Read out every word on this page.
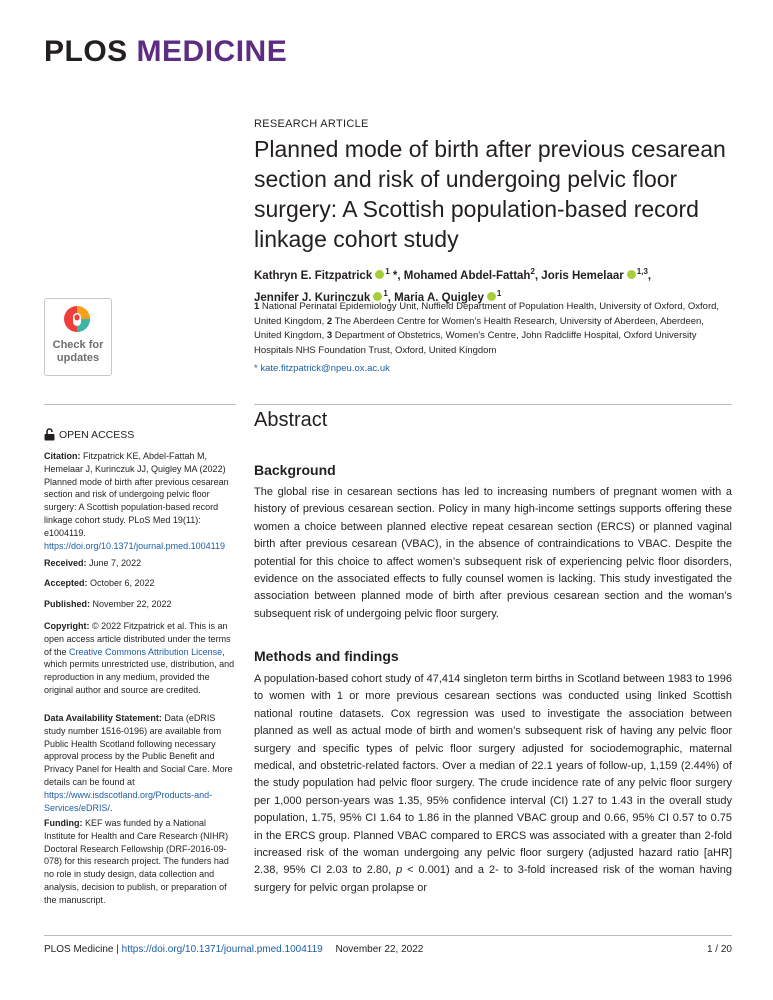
PLOS MEDICINE
RESEARCH ARTICLE
Planned mode of birth after previous cesarean section and risk of undergoing pelvic floor surgery: A Scottish population-based record linkage cohort study
Kathryn E. Fitzpatrick $^1$ *, Mohamed Abdel-Fattah$^2$, Joris Hemelaar $^{1,3}$,
Jennifer J. Kurinczuk $^1$, Maria A. Quigley $^1$
1 National Perinatal Epidemiology Unit, Nuffield Department of Population Health, University of Oxford, Oxford, United Kingdom, 2 The Aberdeen Centre for Women’s Health Research, University of Aberdeen, Aberdeen, United Kingdom, 3 Department of Obstetrics, Women’s Centre, John Radcliffe Hospital, Oxford University Hospitals NHS Foundation Trust, Oxford, United Kingdom
* kate.fitzpatrick@npeu.ox.ac.uk
Check for
updates
OPEN ACCESS
Citation: Fitzpatrick KE, Abdel-Fattah M, Hemelaar J, Kurinczuk JJ, Quigley MA (2022) Planned mode of birth after previous cesarean section and risk of undergoing pelvic floor surgery: A Scottish population-based record linkage cohort study. PLoS Med 19(11): e1004119. https://doi.org/10.1371/journal.pmed.1004119
Received: June 7, 2022
Accepted: October 6, 2022
Published: November 22, 2022
Copyright: © 2022 Fitzpatrick et al. This is an open access article distributed under the terms of the Creative Commons Attribution License, which permits unrestricted use, distribution, and reproduction in any medium, provided the original author and source are credited.
Data Availability Statement: Data (eDRIS study number 1516-0196) are available from Public Health Scotland following necessary approval process by the Public Benefit and Privacy Panel for Health and Social Care. More details can be found at https://www.isdscotland.org/Products-and-Services/eDRIS/.
Funding: KEF was funded by a National Institute for Health and Care Research (NIHR) Doctoral Research Fellowship (DRF-2016-09-078) for this research project. The funders had no role in study design, data collection and analysis, decision to publish, or preparation of the manuscript.
Abstract
Background

The global rise in cesarean sections has led to increasing numbers of pregnant women with a history of previous cesarean section. Policy in many high-income settings supports offering these women a choice between planned elective repeat cesarean section (ERCS) or planned vaginal birth after previous cesarean (VBAC), in the absence of contraindications to VBAC. Despite the potential for this choice to affect women’s subsequent risk of experiencing pelvic floor disorders, evidence on the associated effects to fully counsel women is lacking. This study investigated the association between planned mode of birth after previous cesarean section and the woman’s subsequent risk of undergoing pelvic floor surgery.

Methods and findings

A population-based cohort study of 47,414 singleton term births in Scotland between 1983 to 1996 to women with 1 or more previous cesarean sections was conducted using linked Scottish national routine datasets. Cox regression was used to investigate the association between planned as well as actual mode of birth and women’s subsequent risk of having any pelvic floor surgery and specific types of pelvic floor surgery adjusted for sociodemographic, maternal medical, and obstetric-related factors. Over a median of 22.1 years of follow-up, 1,159 (2.44%) of the study population had pelvic floor surgery. The crude incidence rate of any pelvic floor surgery per 1,000 person-years was 1.35, 95% confidence interval (CI) 1.27 to 1.43 in the overall study population, 1.75, 95% CI 1.64 to 1.86 in the planned VBAC group and 0.66, 95% CI 0.57 to 0.75 in the ERCS group. Planned VBAC compared to ERCS was associated with a greater than 2-fold increased risk of the woman undergoing any pelvic floor surgery (adjusted hazard ratio [aHR] 2.38, 95% CI 2.03 to 2.80, p < 0.001) and a 2- to 3-fold increased risk of the woman having surgery for pelvic organ prolapse or

PLOS Medicine | https://doi.org/10.1371/journal.pmed.1004119 November 22, 2022	1 / 20
